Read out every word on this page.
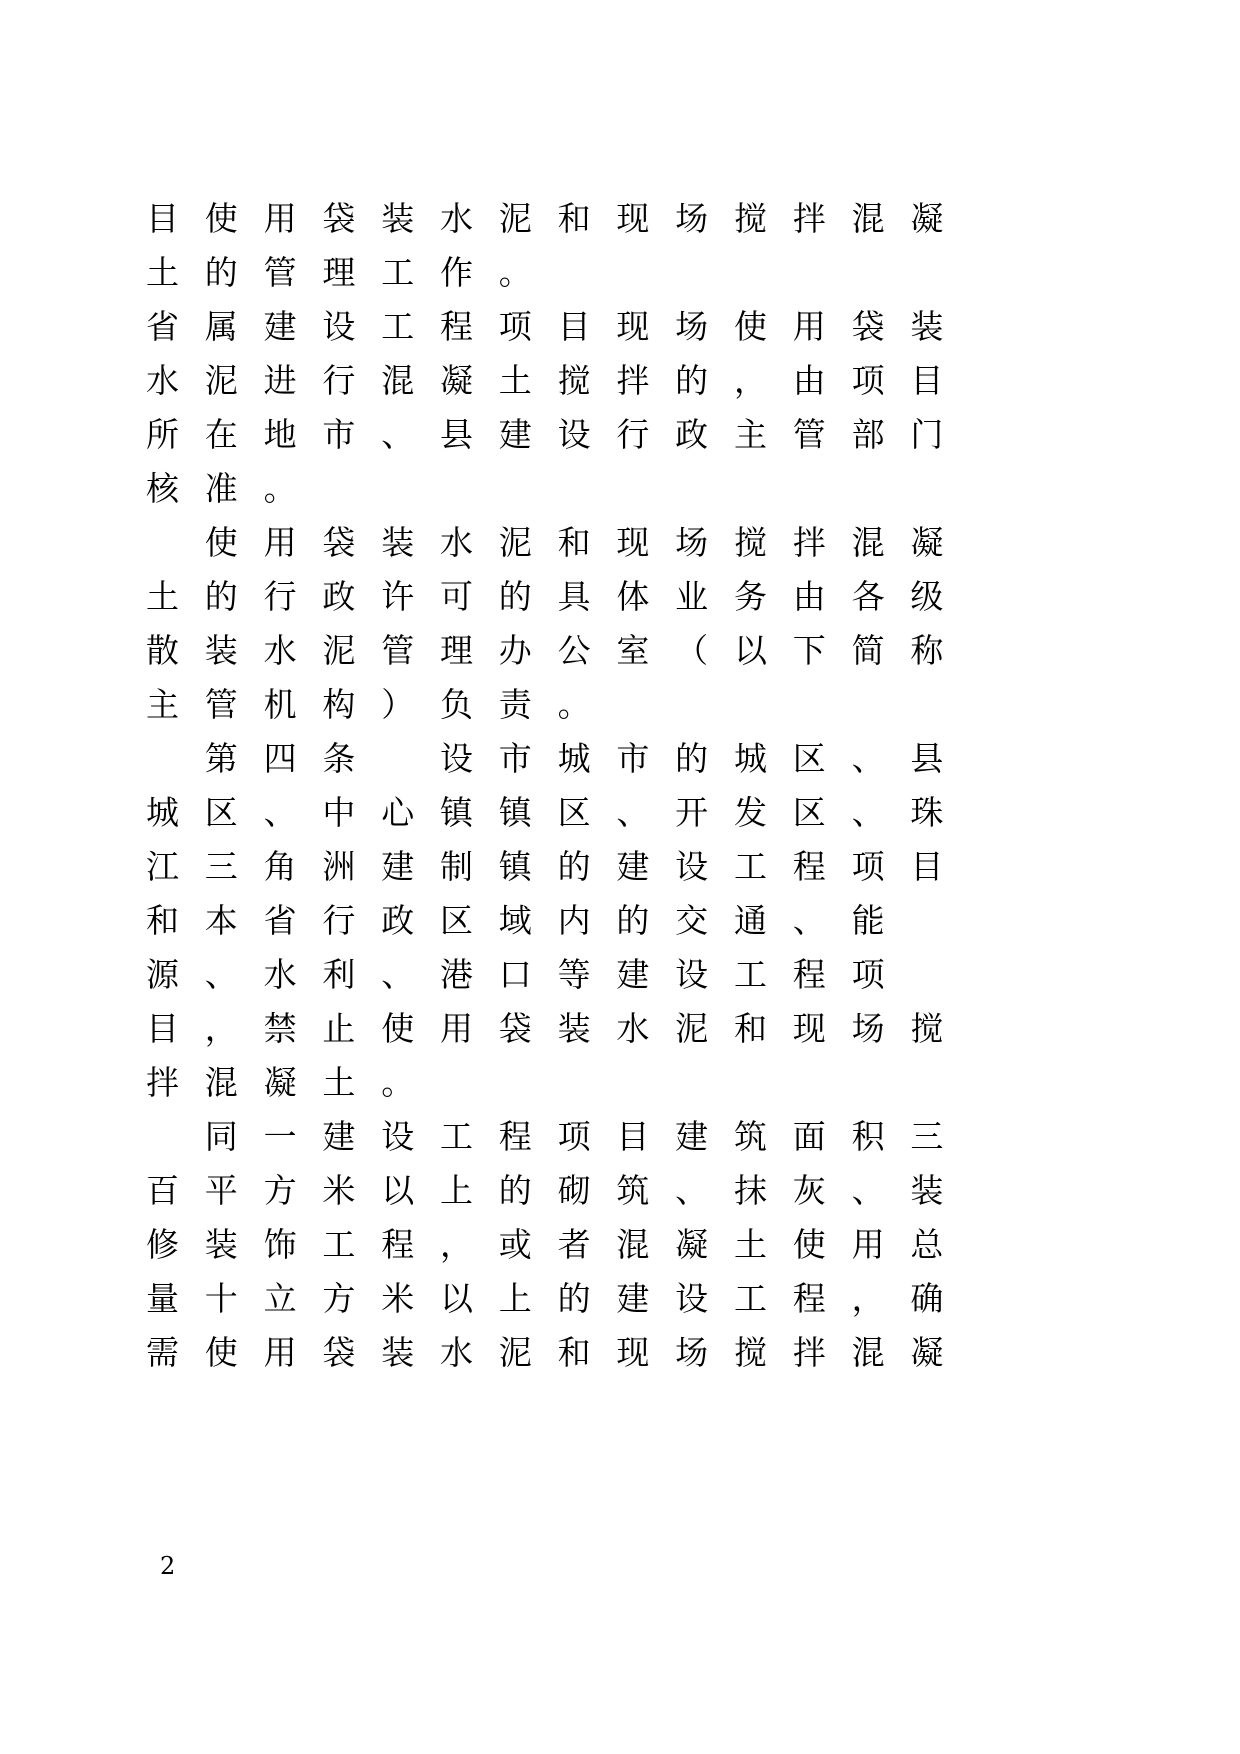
目 使 用 袋 装 水 泥 和 现 场 搅 拌 混 凝
土 的 管 理 工 作 。
省 属 建 设 工 程 项 目 现 场 使 用 袋 装
水 泥 进 行 混 凝 土 搅 拌 的 ， 由 项 目
所 在 地 市 、 县 建 设 行 政 主 管 部 门
核 准 。

使 用 袋 装 水 泥 和 现 场 搅 拌 混 凝
土 的 行 政 许 可 的 具 体 业 务 由 各 级
散 装 水 泥 管 理 办 公 室 （ 以 下 简 称
主 管 机 构 ） 负 责 。

第 四 条
	设 市 城 市 的 城 区 、 县
城 区 、 中 心 镇 镇 区 、 开 发 区 、 珠
江 三 角 洲 建 制 镇 的 建 设 工 程 项 目
和 本 省 行 政 区 域 内 的 交 通 、 能
源 、 水 利 、 港 口 等 建 设 工 程 项
目 ， 禁 止 使 用 袋 装 水 泥 和 现 场 搅
拌 混 凝 土 。

同 一 建 设 工 程 项 目 建 筑 面 积 三
百 平 方 米 以 上 的 砌 筑 、 抹 灰 、 装
修 装 饰 工 程 ， 或 者 混 凝 土 使 用 总
量 十 立 方 米 以 上 的 建 设 工 程 ， 确
需 使 用 袋 装 水 泥 和 现 场 搅 拌 混 凝
2
